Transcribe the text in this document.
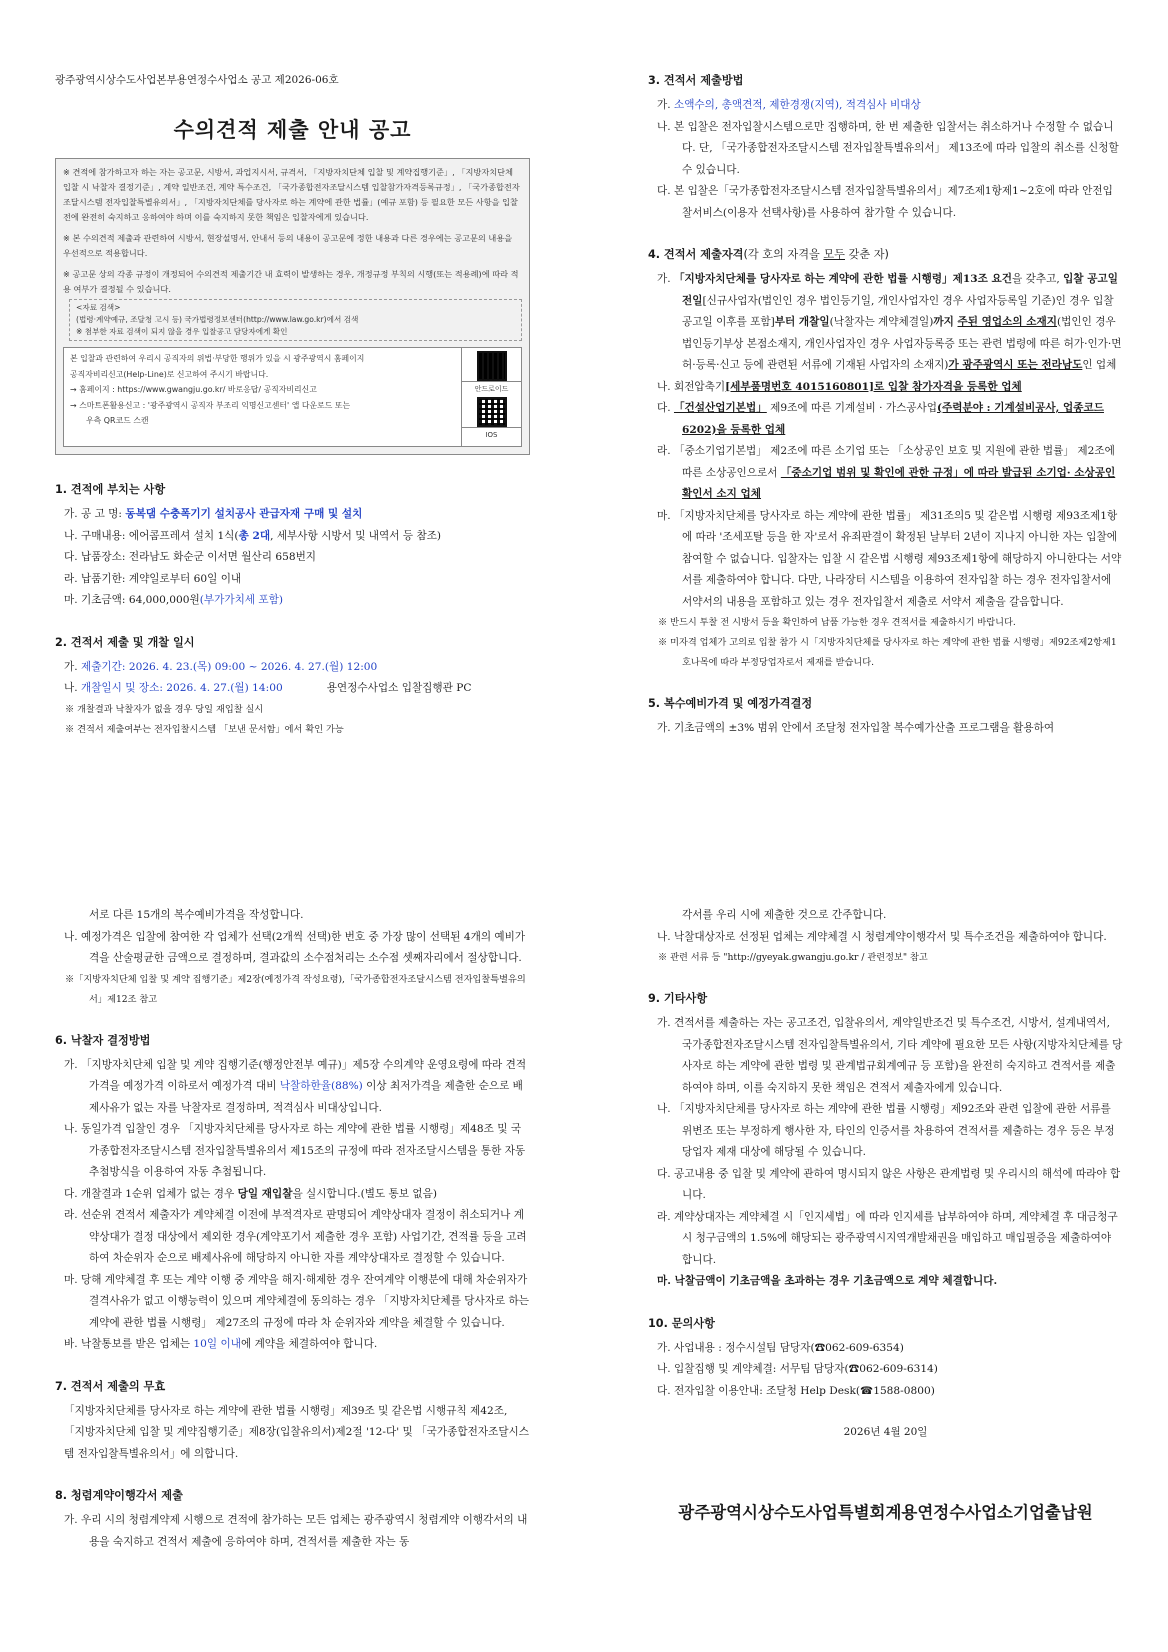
광주광역시상수도사업본부용연정수사업소 공고 제2026-06호
수의견적 제출 안내 공고
※ 견적에 참가하고자 하는 자는 공고문, 시방서, 과업지시서, 규격서, 「지방자치단체 입찰 및 계약집행기준」, 「지방자치단체 입찰 시 낙찰자 결정기준」, 계약 일반조건, 계약 특수조건, 「국가종합전자조달시스템 입찰참가자격등록규정」, 「국가종합전자조달시스템 전자입찰특별유의서」, 「지방자치단체를 당사자로 하는 계약에 관한 법률」(예규 포함) 등 필요한 모든 사항을 입찰 전에 완전히 숙지하고 응하여야 하며 이를 숙지하지 못한 책임은 입찰자에게 있습니다.
※ 본 수의견적 제출과 관련하여 시방서, 현장설명서, 안내서 등의 내용이 공고문에 정한 내용과 다른 경우에는 공고문의 내용을 우선적으로 적용합니다.
※ 공고문 상의 각종 규정이 개정되어 수의견적 제출기간 내 효력이 발생하는 경우, 개정규정 부칙의 시행(또는 적용례)에 따라 적용 여부가 결정될 수 있습니다.
<자료 검색>
(법령·계약예규, 조달청 고시 등) 국가법령정보센터(http://www.law.go.kr)에서 검색
※ 첨부한 자료 검색이 되지 않을 경우 입찰공고 담당자에게 확인
본 입찰과 관련하여 우리시 공직자의 위법·부당한 행위가 있을 시 광주광역시 홈페이지
공직자비리신고(Help-Line)로 신고하여 주시기 바랍니다.
→ 홈페이지 : https://www.gwangju.go.kr/ 바로응답/ 공직자비리신고
→ 스마트폰활용신고 : '광주광역시 공직자 부조리 익명신고센터' 앱 다운로드 또는
우측 QR코드 스캔
안드로이드
IOS
1. 견적에 부치는 사항
가. 공 고 명: 동복댐 수충폭기기 설치공사 관급자재 구매 및 설치
나. 구매내용: 에어콤프레셔 설치 1식(총 2대, 세부사항 시방서 및 내역서 등 참조)
다. 납품장소: 전라남도 화순군 이서면 월산리 658번지
라. 납품기한: 계약일로부터 60일 이내
마. 기초금액: 64,000,000원(부가가치세 포함)
2. 견적서 제출 및 개찰 일시
가. 제출기간: 2026. 4. 23.(목) 09:00 ~ 2026. 4. 27.(월) 12:00
나. 개찰일시 및 장소: 2026. 4. 27.(월) 14:00	용연정수사업소 입찰집행관 PC
※ 개찰결과 낙찰자가 없을 경우 당일 재입찰 실시
※ 견적서 제출여부는 전자입찰시스템 「보낸 문서함」에서 확인 가능
3. 견적서 제출방법
가. 소액수의, 총액견적, 제한경쟁(지역), 적격심사 비대상
나. 본 입찰은 전자입찰시스템으로만 집행하며, 한 번 제출한 입찰서는 취소하거나 수정할 수 없습니다. 단, 「국가종합전자조달시스템 전자입찰특별유의서」 제13조에 따라 입찰의 취소를 신청할 수 있습니다.
다. 본 입찰은「국가종합전자조달시스템 전자입찰특별유의서」제7조제1항제1~2호에 따라 안전입찰서비스(이용자 선택사항)를 사용하여 참가할 수 있습니다.
4. 견적서 제출자격(각 호의 자격을 모두 갖춘 자)
가. 「지방자치단체를 당사자로 하는 계약에 관한 법률 시행령」제13조 요건을 갖추고, 입찰 공고일 전일[신규사업자(법인인 경우 법인등기일, 개인사업자인 경우 사업자등록일 기준)인 경우 입찰공고일 이후를 포함]부터 개찰일(낙찰자는 계약체결일)까지 주된 영업소의 소재지(법인인 경우 법인등기부상 본점소재지, 개인사업자인 경우 사업자등록증 또는 관련 법령에 따른 허가·인가·면허·등록·신고 등에 관련된 서류에 기재된 사업자의 소재지)가 광주광역시 또는 전라남도인 업체
나. 회전압축기[세부품명번호 4015160801]로 입찰 참가자격을 등록한 업체
다. 「건설산업기본법」 제9조에 따른 기계설비 · 가스공사업(주력분야 : 기계설비공사, 업종코드 6202)을 등록한 업체
라. 「중소기업기본법」 제2조에 따른 소기업 또는 「소상공인 보호 및 지원에 관한 법률」 제2조에 따른 소상공인으로서 「중소기업 범위 및 확인에 관한 규정」에 따라 발급된 소기업· 소상공인 확인서 소지 업체
마. 「지방자치단체를 당사자로 하는 계약에 관한 법률」 제31조의5 및 같은법 시행령 제93조제1항에 따라 '조세포탈 등을 한 자'로서 유죄판결이 확정된 날부터 2년이 지나지 아니한 자는 입찰에 참여할 수 없습니다. 입찰자는 입찰 시 같은법 시행령 제93조제1항에 해당하지 아니한다는 서약서를 제출하여야 합니다. 다만, 나라장터 시스템을 이용하여 전자입찰 하는 경우 전자입찰서에 서약서의 내용을 포함하고 있는 경우 전자입찰서 제출로 서약서 제출을 갈음합니다.
※ 반드시 투찰 전 시방서 등을 확인하여 납품 가능한 경우 견적서를 제출하시기 바랍니다.
※ 미자격 업체가 고의로 입찰 참가 시「지방자치단체를 당사자로 하는 계약에 관한 법률 시행령」제92조제2항제1호나목에 따라 부정당업자로서 제재를 받습니다.
5. 복수예비가격 및 예정가격결정
가. 기초금액의 ±3% 범위 안에서 조달청 전자입찰 복수예가산출 프로그램을 활용하여
서로 다른 15개의 복수예비가격을 작성합니다.
나. 예정가격은 입찰에 참여한 각 업체가 선택(2개씩 선택)한 번호 중 가장 많이 선택된 4개의 예비가격을 산술평균한 금액으로 결정하며, 결과값의 소수점처리는 소수점 셋째자리에서 절상합니다.
※「지방자치단체 입찰 및 계약 집행기준」제2장(예정가격 작성요령),「국가종합전자조달시스템 전자입찰특별유의서」제12조 참고
6. 낙찰자 결정방법
가. 「지방자치단체 입찰 및 계약 집행기준(행정안전부 예규)」제5장 수의계약 운영요령에 따라 견적가격을 예정가격 이하로서 예정가격 대비 낙찰하한율(88%) 이상 최저가격을 제출한 순으로 배제사유가 없는 자를 낙찰자로 결정하며, 적격심사 비대상입니다.
나. 동일가격 입찰인 경우 「지방자치단체를 당사자로 하는 계약에 관한 법률 시행령」제48조 및 국가종합전자조달시스템 전자입찰특별유의서 제15조의 규정에 따라 전자조달시스템을 통한 자동추첨방식을 이용하여 자동 추첨됩니다.
다. 개찰결과 1순위 업체가 없는 경우 당일 재입찰을 실시합니다.(별도 통보 없음)
라. 선순위 견적서 제출자가 계약체결 이전에 부적격자로 판명되어 계약상대자 결정이 취소되거나 계약상대가 결정 대상에서 제외한 경우(계약포기서 제출한 경우 포함) 사업기간, 견적률 등을 고려하여 차순위자 순으로 배제사유에 해당하지 아니한 자를 계약상대자로 결정할 수 있습니다.
마. 당해 계약체결 후 또는 계약 이행 중 계약을 해지·해제한 경우 잔여계약 이행분에 대해 차순위자가 결격사유가 없고 이행능력이 있으며 계약체결에 동의하는 경우 「지방자치단체를 당사자로 하는 계약에 관한 법률 시행령」 제27조의 규정에 따라 차 순위자와 계약을 체결할 수 있습니다.
바. 낙찰통보를 받은 업체는 10일 이내에 계약을 체결하여야 합니다.
7. 견적서 제출의 무효
「지방자치단체를 당사자로 하는 계약에 관한 법률 시행령」제39조 및 같은법 시행규칙 제42조, 「지방자치단체 입찰 및 계약집행기준」제8장(입찰유의서)제2절 '12-다' 및 「국가종합전자조달시스템 전자입찰특별유의서」에 의합니다.
8. 청렴계약이행각서 제출
가. 우리 시의 청렴계약제 시행으로 견적에 참가하는 모든 업체는 광주광역시 청렴계약 이행각서의 내용을 숙지하고 견적서 제출에 응하여야 하며, 견적서를 제출한 자는 동
각서를 우리 시에 제출한 것으로 간주합니다.
나. 낙찰대상자로 선정된 업체는 계약체결 시 청렴계약이행각서 및 특수조건을 제출하여야 합니다.
※ 관련 서류 등 "http://gyeyak.gwangju.go.kr / 관련정보" 참고
9. 기타사항
가. 견적서를 제출하는 자는 공고조건, 입찰유의서, 계약일반조건 및 특수조건, 시방서, 설계내역서, 국가종합전자조달시스템 전자입찰특별유의서, 기타 계약에 필요한 모든 사항(지방자치단체를 당사자로 하는 계약에 관한 법령 및 관계법규회계예규 등 포함)을 완전히 숙지하고 견적서를 제출하여야 하며, 이를 숙지하지 못한 책임은 견적서 제출자에게 있습니다.
나. 「지방자치단체를 당사자로 하는 계약에 관한 법률 시행령」제92조와 관련 입찰에 관한 서류를 위변조 또는 부정하게 행사한 자, 타인의 인증서를 차용하여 견적서를 제출하는 경우 등은 부정당업자 제재 대상에 해당될 수 있습니다.
다. 공고내용 중 입찰 및 계약에 관하여 명시되지 않은 사항은 관계법령 및 우리시의 해석에 따라야 합니다.
라. 계약상대자는 계약체결 시「인지세법」에 따라 인지세를 납부하여야 하며, 계약체결 후 대금청구 시 청구금액의 1.5%에 해당되는 광주광역시지역개발채권을 매입하고 매입필증을 제출하여야 합니다.
마. 낙찰금액이 기초금액을 초과하는 경우 기초금액으로 계약 체결합니다.
10. 문의사항
가. 사업내용 : 정수시설팀 담당자(☎062-609-6354)
나. 입찰집행 및 계약체결: 서무팀 담당자(☎062-609-6314)
다. 전자입찰 이용안내: 조달청 Help Desk(☎1588-0800)
2026년 4월 20일
광주광역시상수도사업특별회계용연정수사업소기업출납원
